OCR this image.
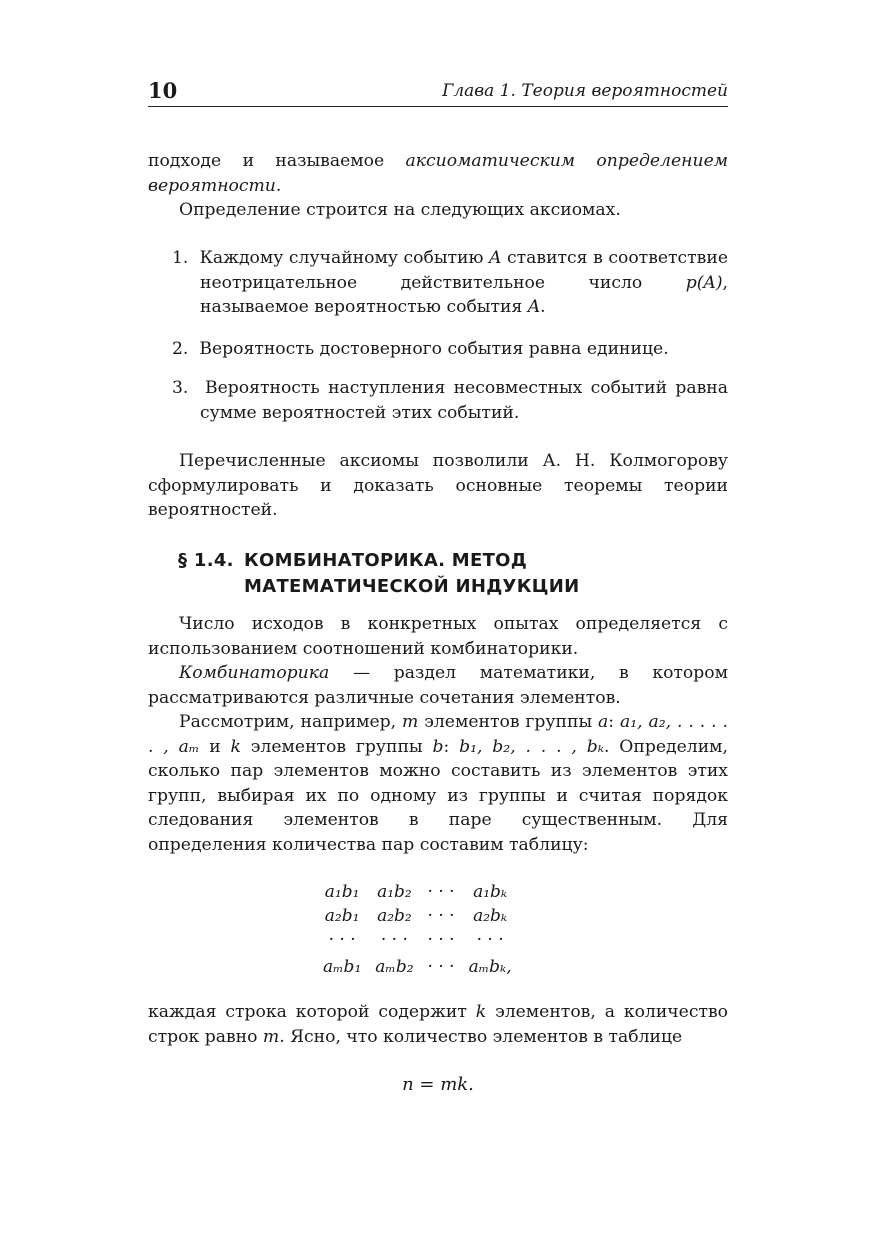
10	Глава 1. Теория вероятностей
подходе и называемое аксиоматическим определением вероятности.
Определение строится на следующих аксиомах.
1. Каждому случайному событию A ставится в соответствие неотрицательное действительное число p(A), называемое вероятностью события A.
2. Вероятность достоверного события равна единице.
3. Вероятность наступления несовместных событий равна сумме вероятностей этих событий.
Перечисленные аксиомы позволили А. Н. Колмогорову сформулировать и доказать основные теоремы теории вероятностей.
§ 1.4. КОМБИНАТОРИКА. МЕТОД
МАТЕМАТИЧЕСКОЙ ИНДУКЦИИ
Число исходов в конкретных опытах определяется с использованием соотношений комбинаторики.
Комбинаторика — раздел математики, в котором рассматриваются различные сочетания элементов.
Рассмотрим, например, m элементов группы a: a₁, a₂, . . . . . . , aₘ и k элементов группы b: b₁, b₂, . . . , bₖ. Определим, сколько пар элементов можно составить из элементов этих групп, выбирая их по одному из группы и считая порядок следования элементов в паре существенным. Для определения количества пар составим таблицу:
a₁b₁	a₁b₂	· · ·	a₁bₖ
a₂b₁	a₂b₂	· · ·	a₂bₖ
· · ·	· · ·	· · ·	· · ·
aₘb₁	aₘb₂	· · ·	aₘbₖ,
каждая строка которой содержит k элементов, а количество строк равно m. Ясно, что количество элементов в таблице
n = mk.
